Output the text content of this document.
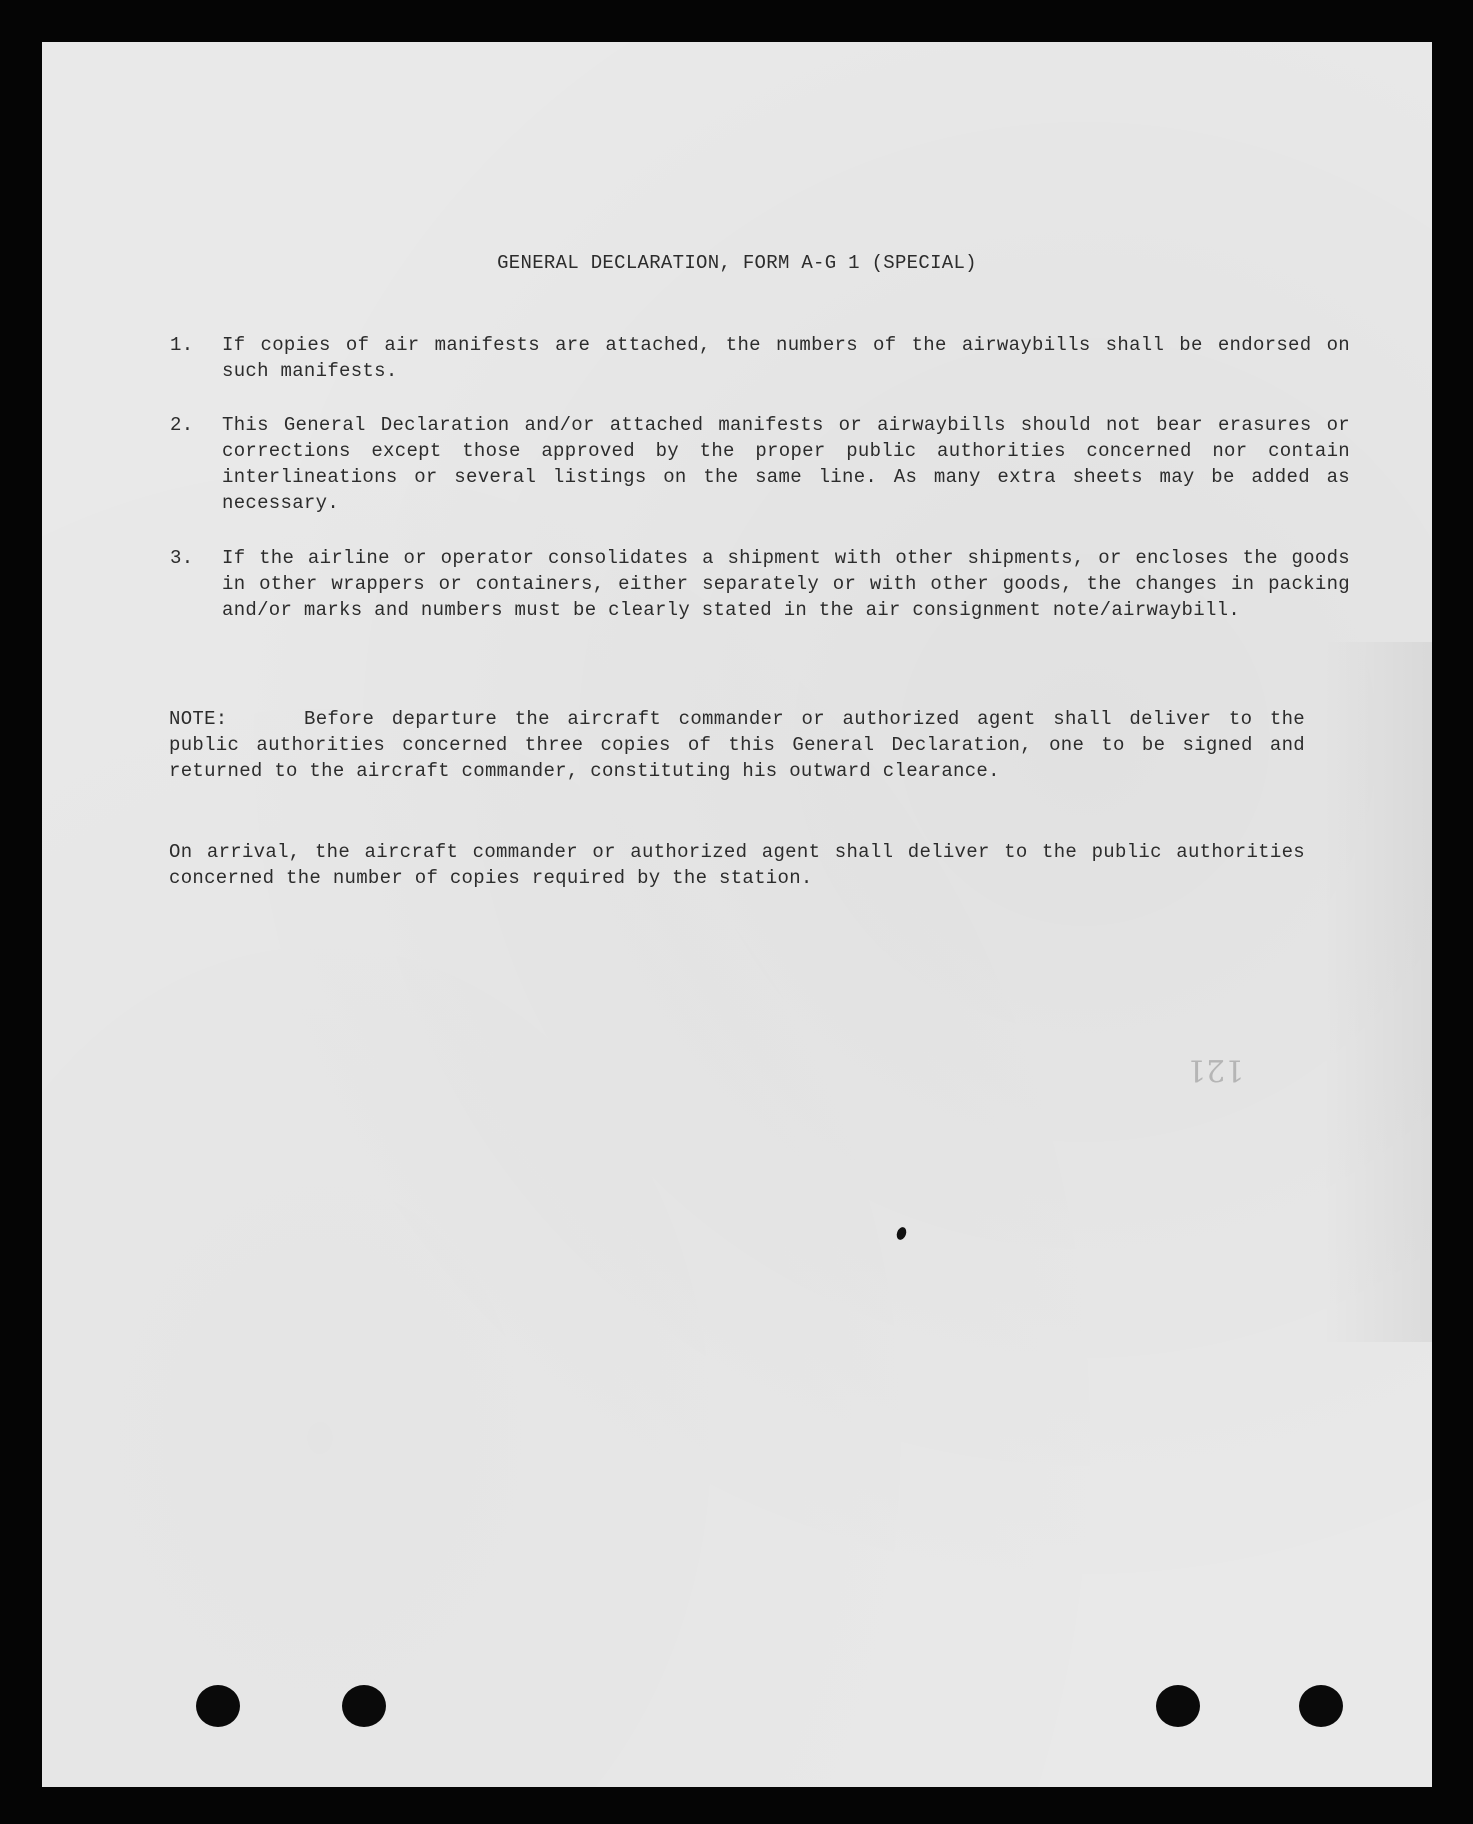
GENERAL DECLARATION, FORM A-G 1 (SPECIAL)
1.	If copies of air manifests are attached, the numbers of the airwaybills shall be endorsed on such manifests.
2.	This General Declaration and/or attached manifests or airwaybills should not bear erasures or corrections except those approved by the proper public authorities concerned nor contain interlineations or several listings on the same line. As many extra sheets may be added as necessary.
3.	If the airline or operator consolidates a shipment with other shipments, or encloses the goods in other wrappers or containers, either separately or with other goods, the changes in packing and/or marks and numbers must be clearly stated in the air consignment note/airwaybill.
NOTE:	Before departure the aircraft commander or authorized agent shall deliver to the public authorities concerned three copies of this General Declaration, one to be signed and returned to the aircraft commander, constituting his outward clearance.
On arrival, the aircraft commander or authorized agent shall deliver to the public authorities concerned the number of copies required by the station.
121
